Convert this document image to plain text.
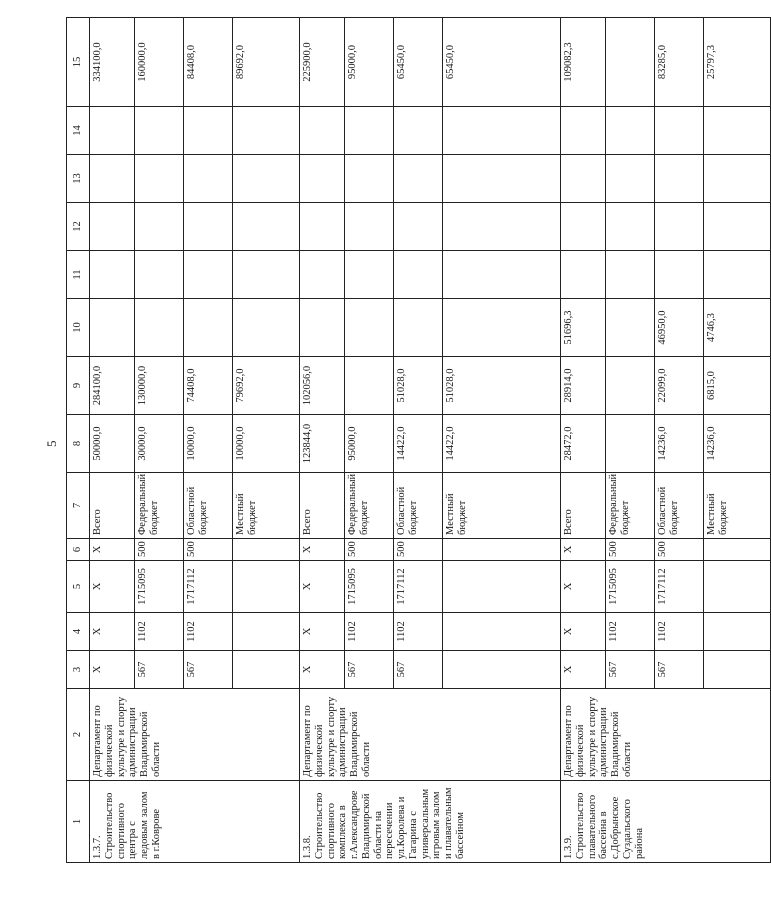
5
1	2	3	4	5	6	7	8	9	10	11	12	13	14	15

1.3.7. Строительство спортивного центра с ледовым залом в г.Коврове	Департамент по физической культуре и спорту администрации Владимирской области	Х	Х	Х	Х	Всего	50000,0	284100,0						334100,0
		567	1102	1715095	500	Федеральный бюджет	30000,0	130000,0						160000,0
		567	1102	1717112	500	Областной бюджет	10000,0	74408,0						84408,0
						Местный бюджет	10000,0	79692,0						89692,0

1.3.8. Строительство спортивного комплекса в г.Александрове Владимирской области на пересечении ул.Королева и Гагарина с универсальным игровым залом и плавательным бассейном	Департамент по физической культуре и спорту администрации Владимирской области	Х	Х	Х	Х	Всего	123844,0	102056,0						225900,0
		567	1102	1715095	500	Федеральный бюджет	95000,0							95000,0
		567	1102	1717112	500	Областной бюджет	14422,0	51028,0						65450,0
						Местный бюджет	14422,0	51028,0						65450,0

1.3.9. Строительство плавательного бассейна в с.Добрынское Суздальского района	Департамент по физической культуре и спорту администрации Владимирской области	Х	Х	Х	Х	Всего	28472,0	28914,0	51696,3					109082,3
		567	1102	1715095	500	Федеральный бюджет								
		567	1102	1717112	500	Областной бюджет	14236,0	22099,0	46950,0					83285,0
						Местный бюджет	14236,0	6815,0	4746,3					25797,3
